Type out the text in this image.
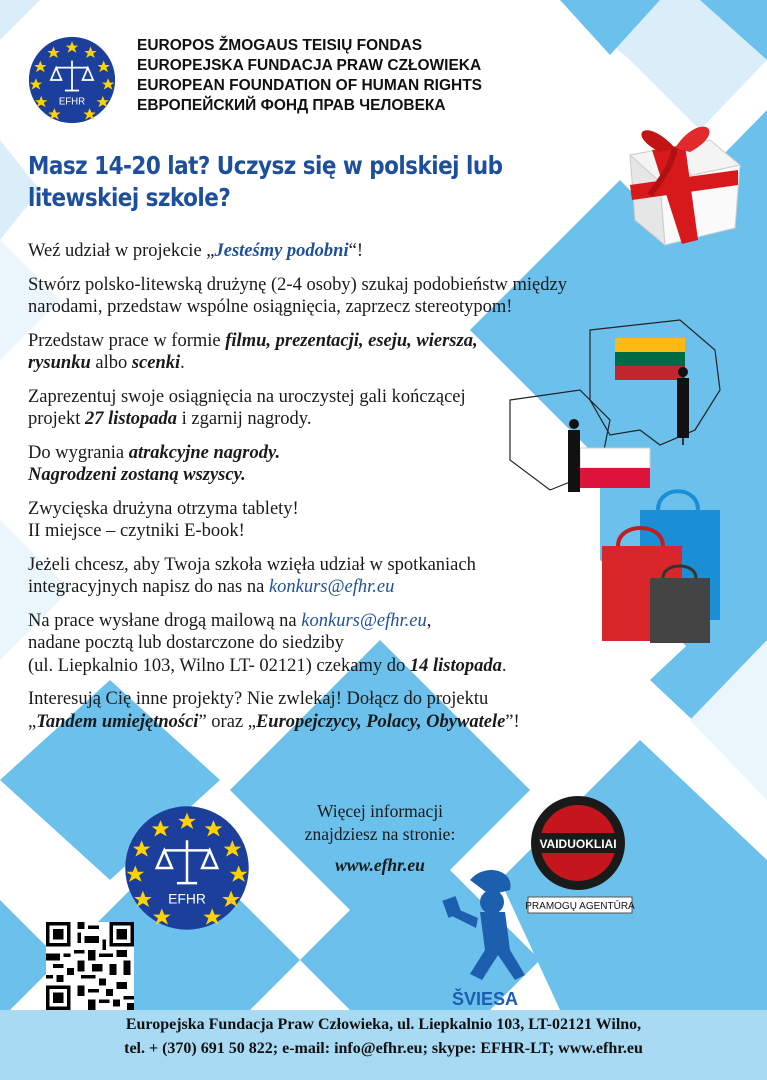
EFHR
EUROPOS ŽMOGAUS TEISIŲ FONDAS
EUROPEJSKA FUNDACJA PRAW CZŁOWIEKA
EUROPEAN FOUNDATION OF HUMAN RIGHTS
ЕВРОПЕЙСКИЙ ФОНД ПРАВ ЧЕЛОВЕКА
Masz 14-20 lat? Uczysz się w polskiej lub
litewskiej szkole?

Weź udział w projekcie „Jesteśmy podobni“!

Stwórz polsko-litewską drużynę (2-4 osoby) szukaj podobieństw między
narodami, przedstaw wspólne osiągnięcia, zaprzecz stereotypom!

Przedstaw prace w formie filmu, prezentacji, eseju, wiersza,
rysunku albo scenki.

Zaprezentuj swoje osiągnięcia na uroczystej gali kończącej
projekt 27 listopada i zgarnij nagrody.

Do wygrania atrakcyjne nagrody.
Nagrodzeni zostaną wszyscy.

Zwycięska drużyna otrzyma tablety!
II miejsce – czytniki E-book!

Jeżeli chcesz, aby Twoja szkoła wzięła udział w spotkaniach
integracyjnych napisz do nas na konkurs@efhr.eu

Na prace wysłane drogą mailową na konkurs@efhr.eu,
nadane pocztą lub dostarczone do siedziby
(ul. Liepkalnio 103, Wilno LT- 02121) czekamy do 14 listopada.

Interesują Cię inne projekty? Nie zwlekaj! Dołącz do projektu
„Tandem umiejętności” oraz „Europejczycy, Polacy, Obywatele”!

Więcej informacji
znajdziesz na stronie:
www.efhr.eu
EFHR
ŠVIESA
VAIDUOKLIAI
PRAMOGŲ AGENTŪRA
Europejska Fundacja Praw Człowieka, ul. Liepkalnio 103, LT-02121 Wilno,
tel. + (370) 691 50 822; e-mail: info@efhr.eu; skype: EFHR-LT; www.efhr.eu
